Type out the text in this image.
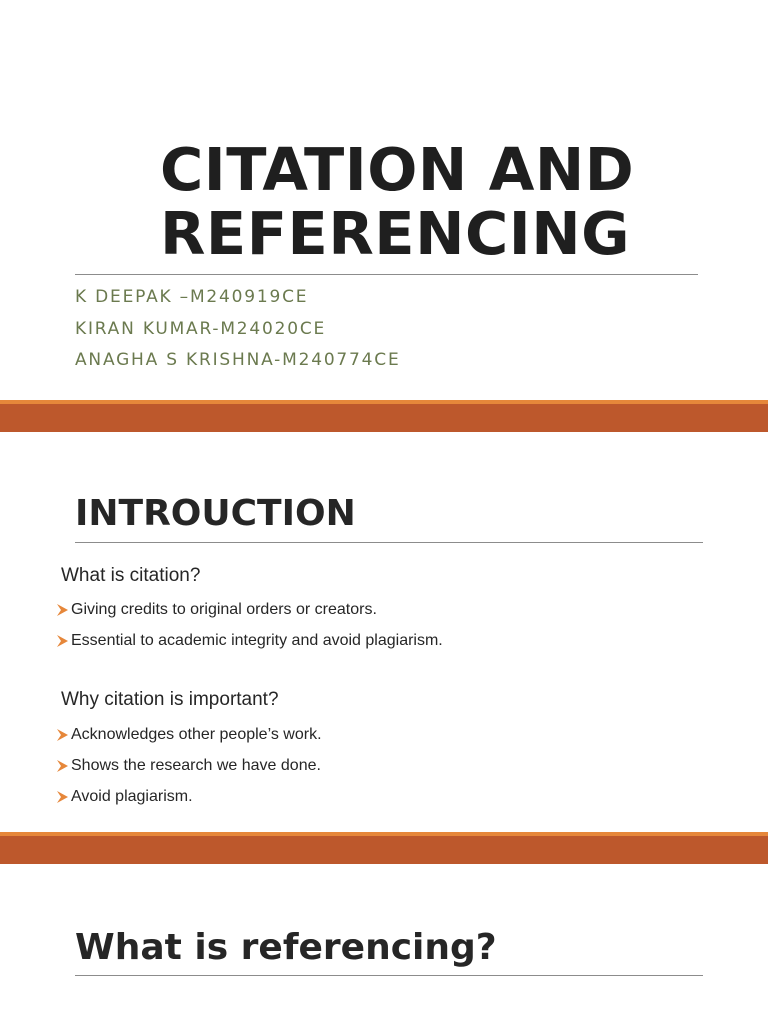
CITATION AND
REFERENCING
K DEEPAK –M240919CE
KIRAN KUMAR-M24020CE
ANAGHA S KRISHNA-M240774CE
INTROUCTION
What is citation?
Giving credits to original orders or creators.
Essential to academic integrity and avoid plagiarism.
Why citation is important?
Acknowledges other people’s work.
Shows the research we have done.
Avoid plagiarism.
What is referencing?
